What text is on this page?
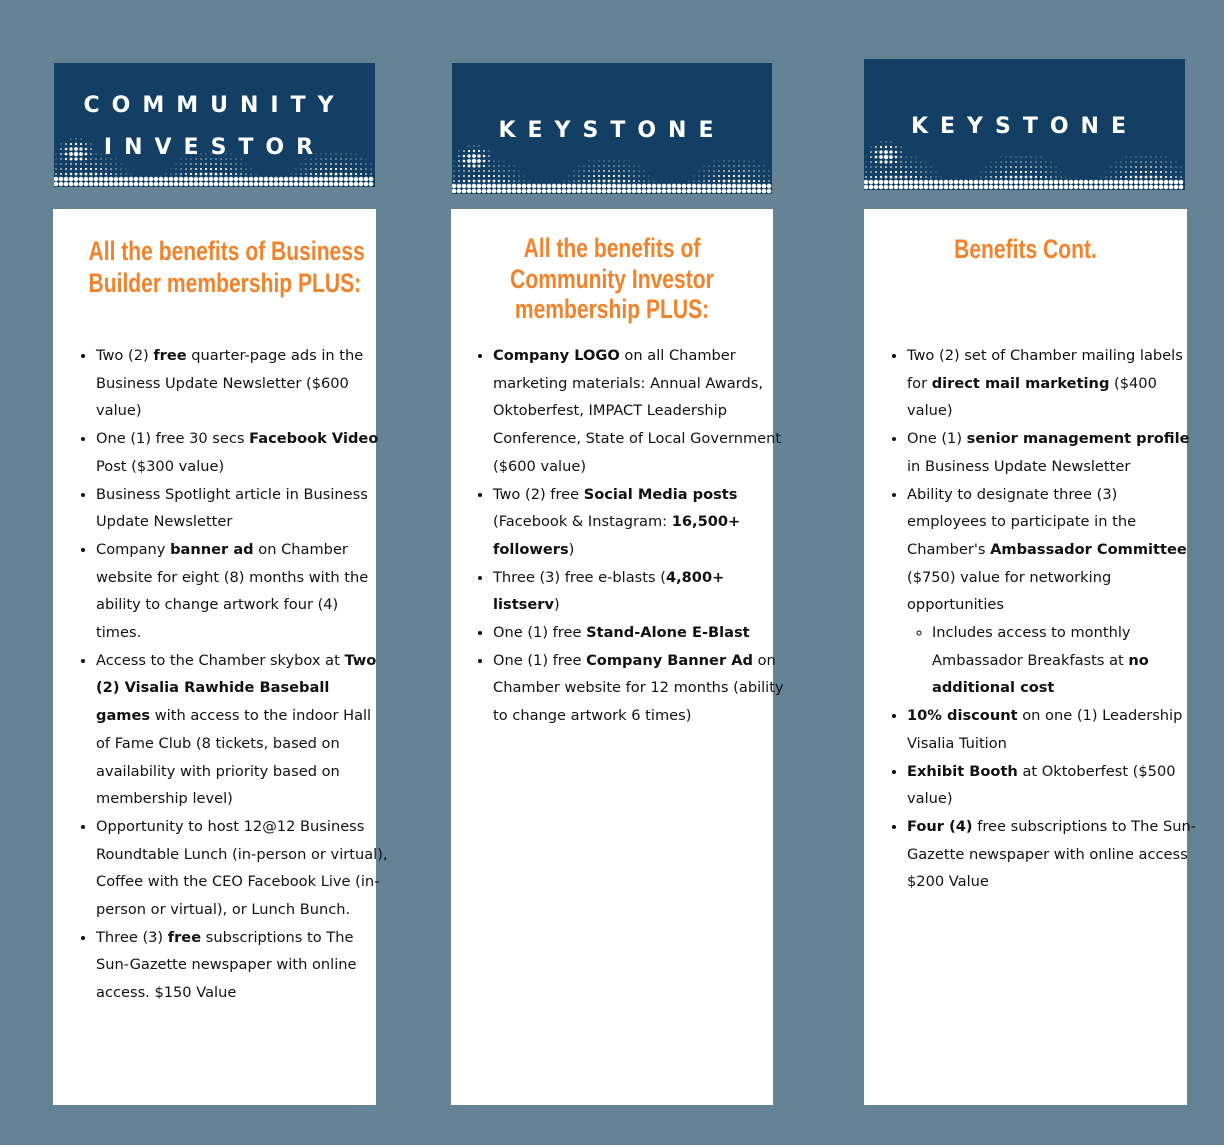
COMMUNITY
INVESTOR
All the benefits of Business
Builder membership PLUS:
• Two (2) free quarter-page ads in the Business Update Newsletter ($600 value)
• One (1) free 30 secs Facebook Video Post ($300 value)
• Business Spotlight article in Business Update Newsletter
• Company banner ad on Chamber website for eight (8) months with the ability to change artwork four (4) times.
• Access to the Chamber skybox at Two (2) Visalia Rawhide Baseball games with access to the indoor Hall of Fame Club (8 tickets, based on availability with priority based on membership level)
• Opportunity to host 12@12 Business Roundtable Lunch (in-person or virtual), Coffee with the CEO Facebook Live (in-person or virtual), or Lunch Bunch.
• Three (3) free subscriptions to The Sun-Gazette newspaper with online access. $150 Value
KEYSTONE
All the benefits of
Community Investor
membership PLUS:
• Company LOGO on all Chamber marketing materials: Annual Awards, Oktoberfest, IMPACT Leadership Conference, State of Local Government ($600 value)
• Two (2) free Social Media posts (Facebook & Instagram: 16,500+ followers)
• Three (3) free e-blasts (4,800+ listserv)
• One (1) free Stand-Alone E-Blast
• One (1) free Company Banner Ad on Chamber website for 12 months (ability to change artwork 6 times)
KEYSTONE
Benefits Cont.
• Two (2) set of Chamber mailing labels for direct mail marketing ($400 value)
• One (1) senior management profile in Business Update Newsletter
• Ability to designate three (3) employees to participate in the Chamber's Ambassador Committee ($750) value for networking opportunities
◦ Includes access to monthly Ambassador Breakfasts at no additional cost
• 10% discount on one (1) Leadership Visalia Tuition
• Exhibit Booth at Oktoberfest ($500 value)
• Four (4) free subscriptions to The Sun-Gazette newspaper with online access $200 Value
